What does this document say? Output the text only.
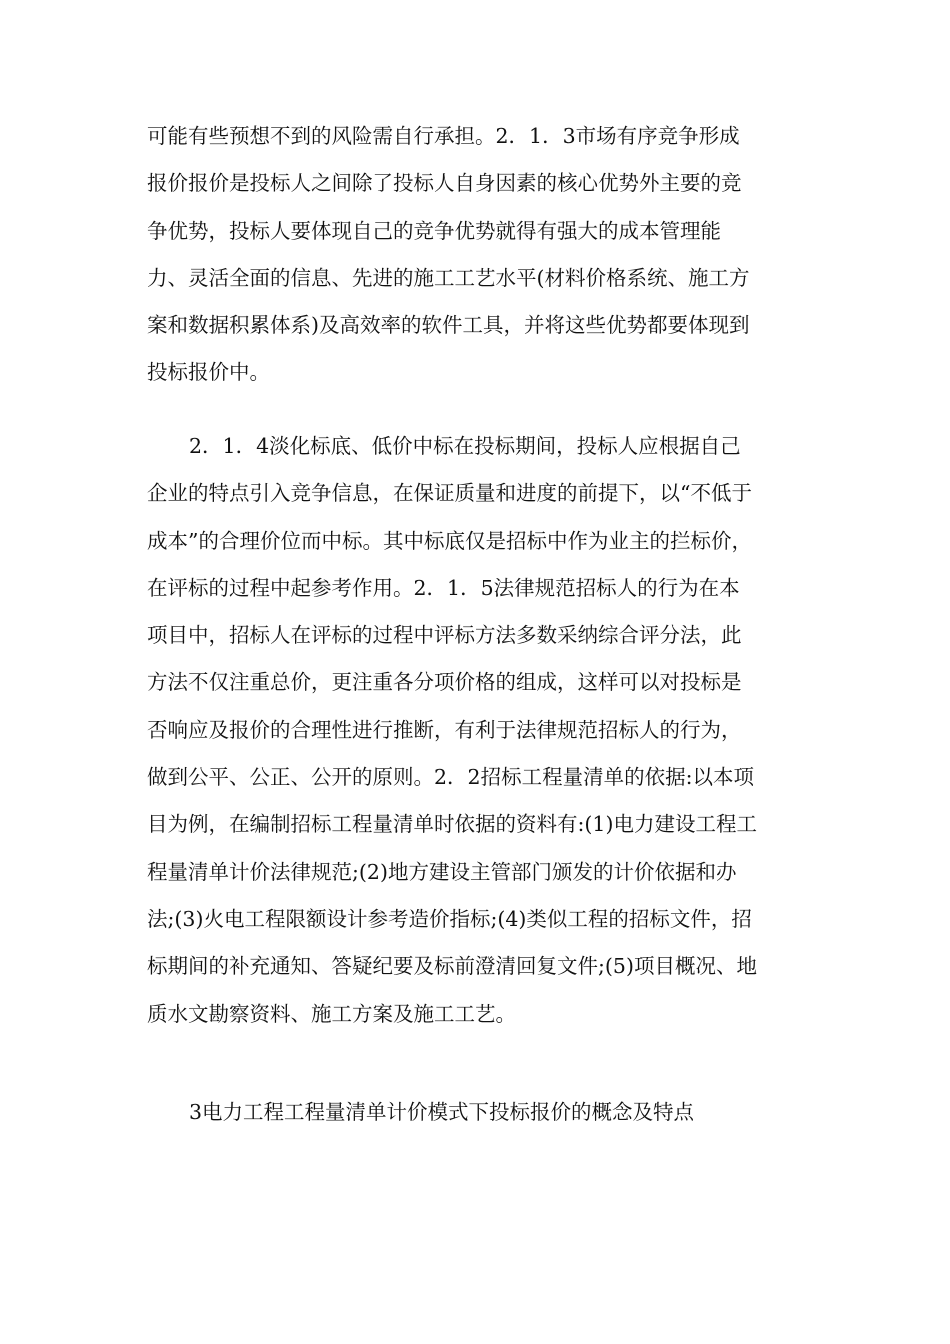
可能有些预想不到的风险需自行承担。2．1．3市场有序竞争形成
报价报价是投标人之间除了投标人自身因素的核心优势外主要的竞
争优势，投标人要体现自己的竞争优势就得有强大的成本管理能
力、灵活全面的信息、先进的施工工艺水平(材料价格系统、施工方
案和数据积累体系)及高效率的软件工具，并将这些优势都要体现到
投标报价中。
2．1．4淡化标底、低价中标在投标期间，投标人应根据自己
企业的特点引入竞争信息，在保证质量和进度的前提下，以“不低于
成本”的合理价位而中标。其中标底仅是招标中作为业主的拦标价，
在评标的过程中起参考作用。2．1．5法律规范招标人的行为在本
项目中，招标人在评标的过程中评标方法多数采纳综合评分法，此
方法不仅注重总价，更注重各分项价格的组成，这样可以对投标是
否响应及报价的合理性进行推断，有利于法律规范招标人的行为，
做到公平、公正、公开的原则。2．2招标工程量清单的依据:以本项
目为例，在编制招标工程量清单时依据的资料有:(1)电力建设工程工
程量清单计价法律规范;(2)地方建设主管部门颁发的计价依据和办
法;(3)火电工程限额设计参考造价指标;(4)类似工程的招标文件，招
标期间的补充通知、答疑纪要及标前澄清回复文件;(5)项目概况、地
质水文勘察资料、施工方案及施工工艺。
3电力工程工程量清单计价模式下投标报价的概念及特点
